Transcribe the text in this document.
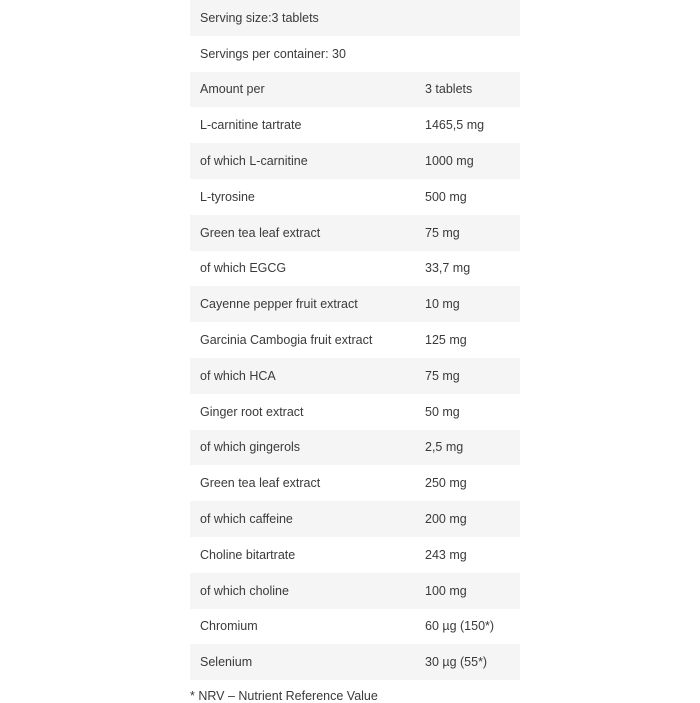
Serving size:3 tablets	
Servings per container: 30	
Amount per	3 tablets
L-carnitine tartrate	1465,5 mg
of which L-carnitine	1000 mg
L-tyrosine	500 mg
Green tea leaf extract	75 mg
of which EGCG	33,7 mg
Cayenne pepper fruit extract	10 mg
Garcinia Cambogia fruit extract	125 mg
of which HCA	75 mg
Ginger root extract	50 mg
of which gingerols	2,5 mg
Green tea leaf extract	250 mg
of which caffeine	200 mg
Choline bitartrate	243 mg
of which choline	100 mg
Chromium	60 µg (150*)
Selenium	30 µg (55*)
* NRV – Nutrient Reference Value
